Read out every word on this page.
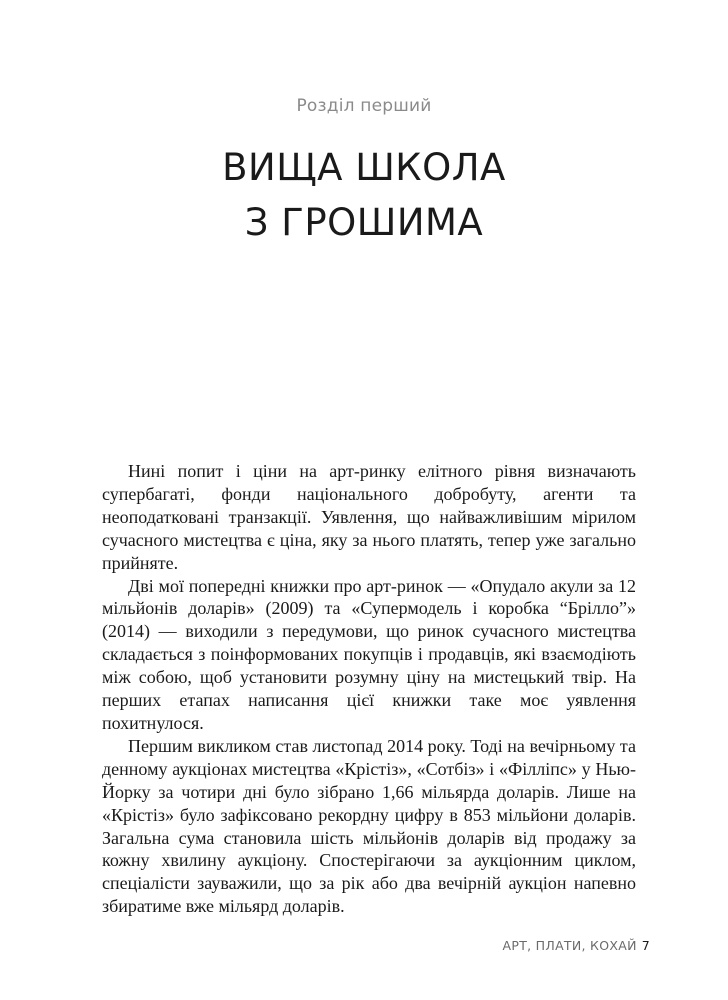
Розділ перший
ВИЩА ШКОЛА
З ГРОШИМА

Нині попит і ціни на арт-ринку елітного рівня визначають супербагаті, фонди національного добробуту, агенти та неоподатковані транзакції. Уявлення, що найважливішим мірилом сучасного мистецтва є ціна, яку за нього платять, тепер уже загально прийняте.

Дві мої попередні книжки про арт-ринок — «Опудало акули за 12 мільйонів доларів» (2009) та «Супермодель і коробка “Брілло”» (2014) — виходили з передумови, що ринок сучасного мистецтва складається з поінформованих покупців і продавців, які взаємодіють між собою, щоб установити розумну ціну на мистецький твір. На перших етапах написання цієї книжки таке моє уявлення похитнулося.

Першим викликом став листопад 2014 року. Тоді на вечірньому та денному аукціонах мистецтва «Крістіз», «Сотбіз» і «Філліпс» у Нью-Йорку за чотири дні було зібрано 1,66 мільярда доларів. Лише на «Крістіз» було зафіксовано рекордну цифру в 853 мільйони доларів. Загальна сума становила шість мільйонів доларів від продажу за кожну хвилину аукціону. Спостерігаючи за аукціонним циклом, спеціалісти зауважили, що за рік або два вечірній аукціон напевно збиратиме вже мільярд доларів.

АРТ, ПЛАТИ, КОХАЙ 7
